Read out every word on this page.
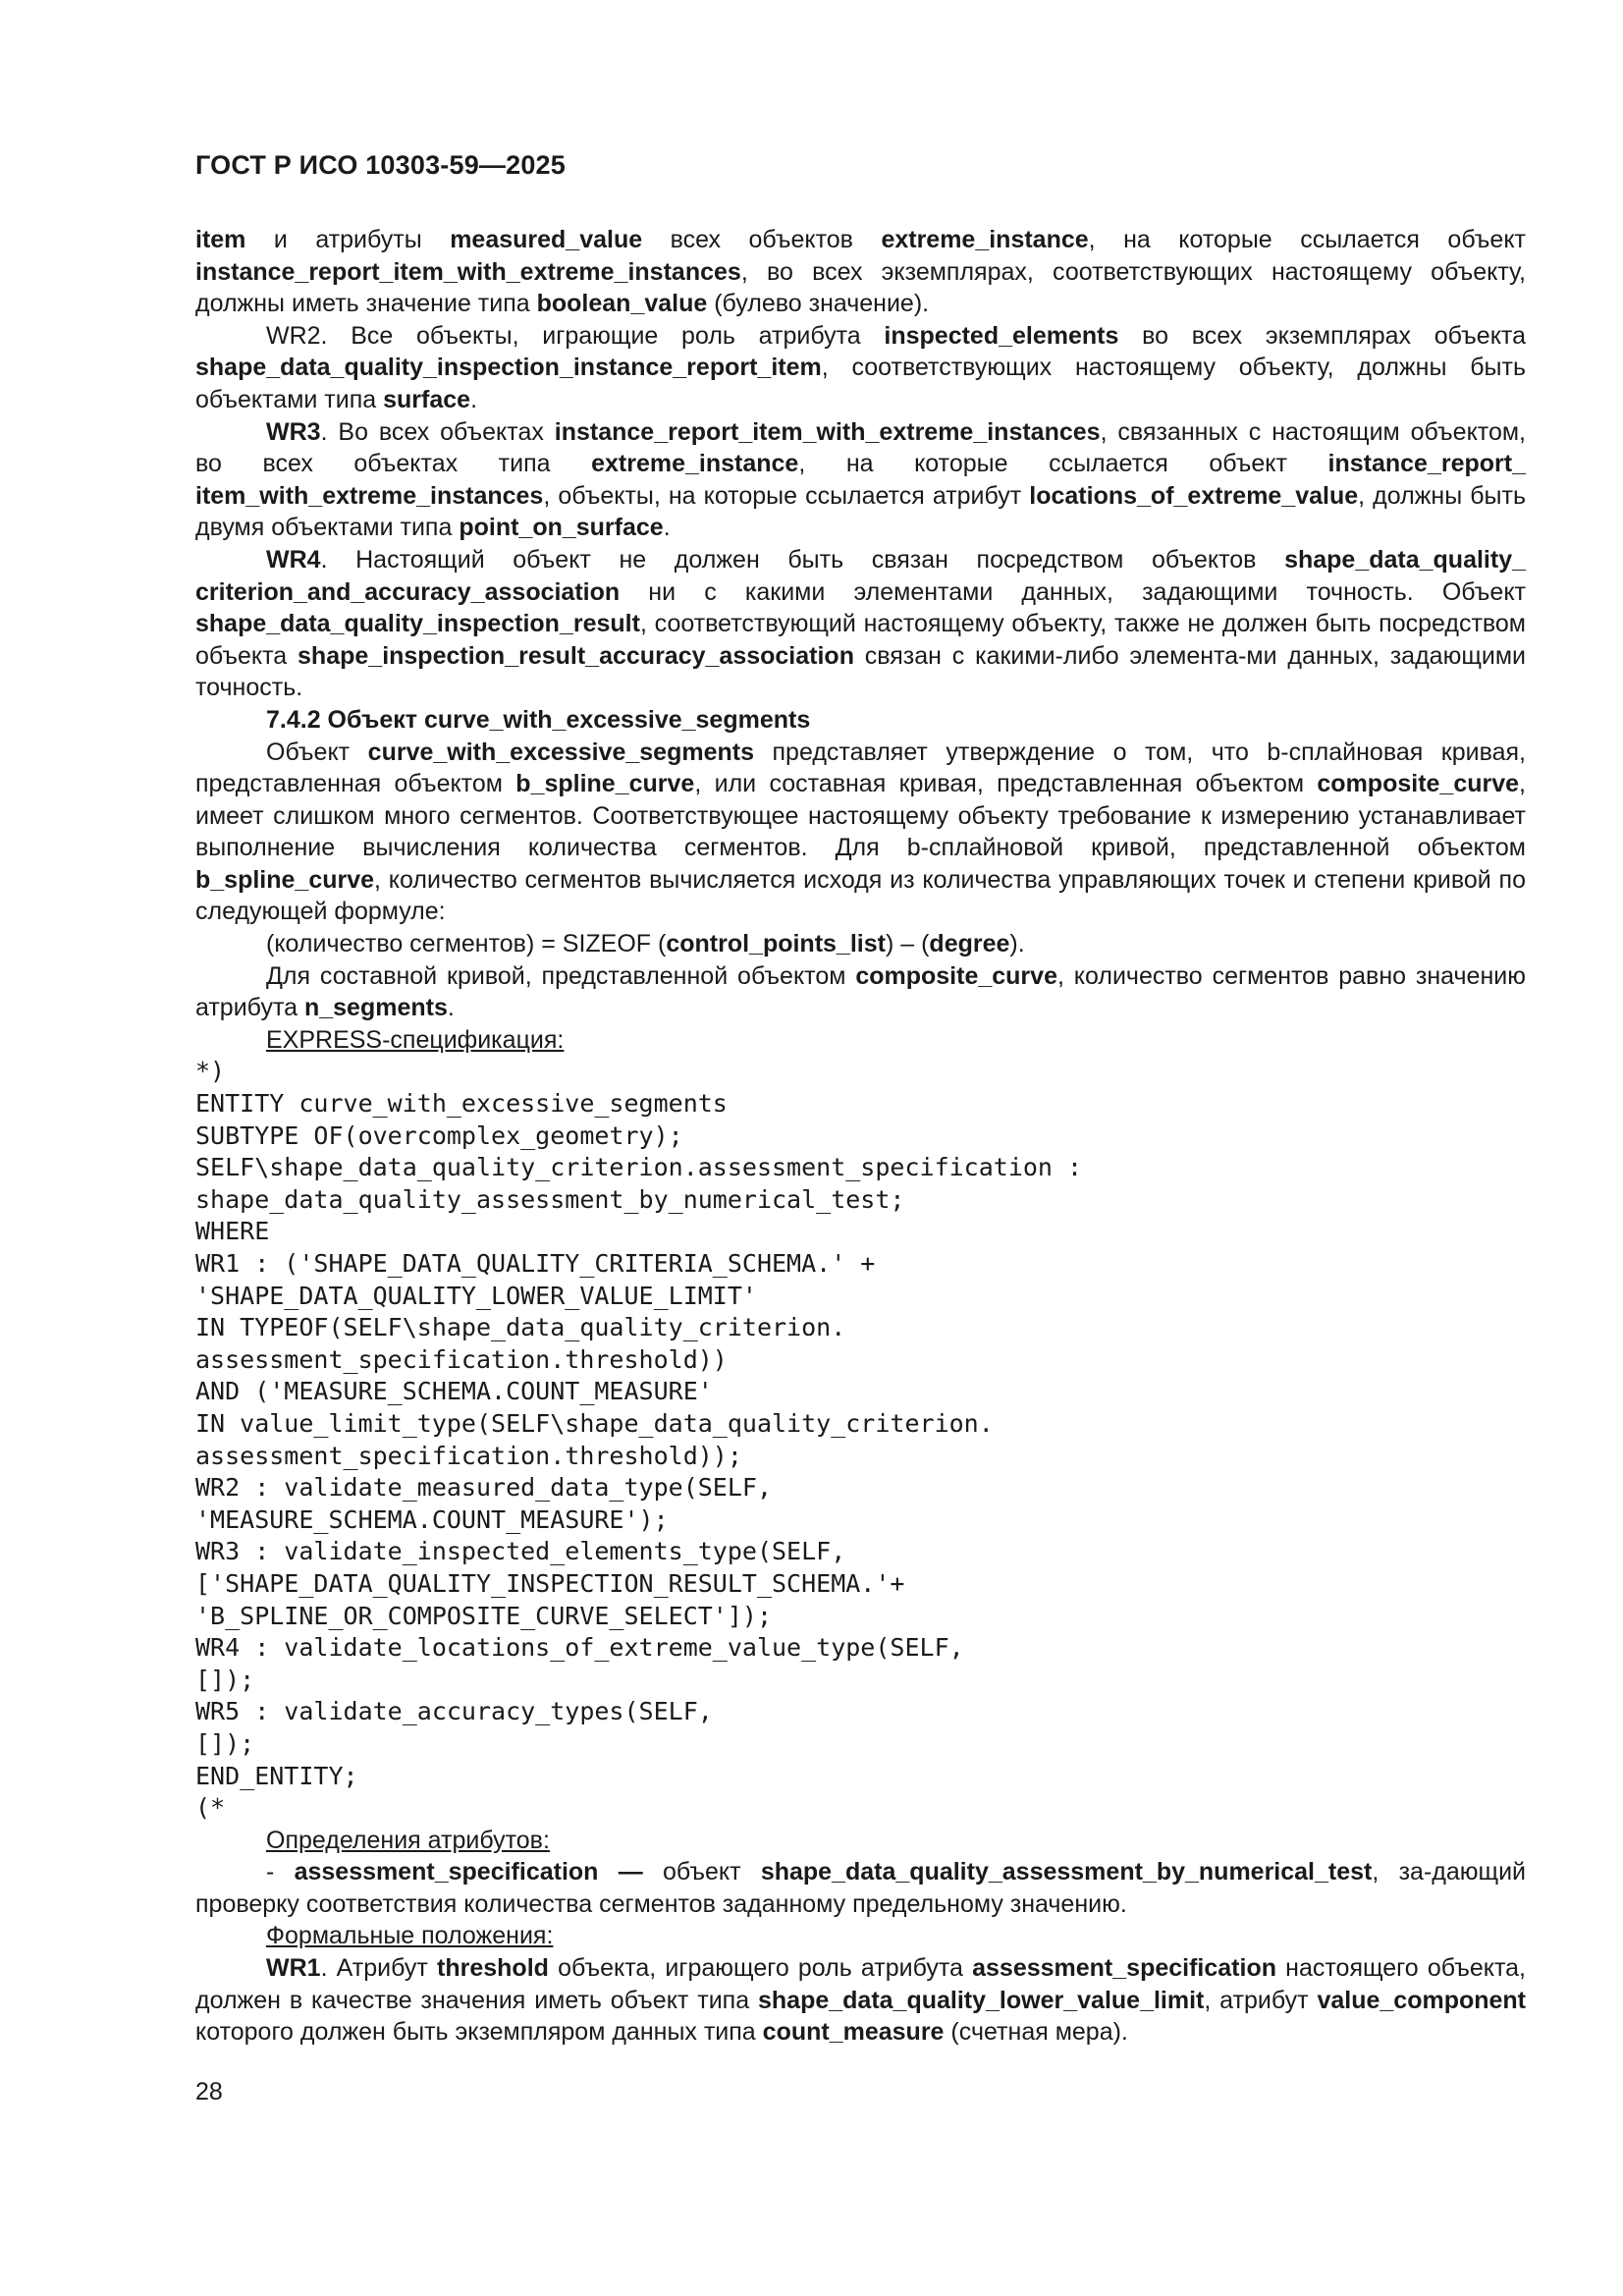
ГОСТ Р ИСО 10303-59—2025

item и атрибуты measured_value всех объектов extreme_instance, на которые ссылается объект instance_report_item_with_extreme_instances, во всех экземплярах, соответствующих настоящему объекту, должны иметь значение типа boolean_value (булево значение).

WR2. Все объекты, играющие роль атрибута inspected_elements во всех экземплярах объекта shape_data_quality_inspection_instance_report_item, соответствующих настоящему объекту, должны быть объектами типа surface.

WR3. Во всех объектах instance_report_item_with_extreme_instances, связанных с настоящим объектом, во всех объектах типа extreme_instance, на которые ссылается объект instance_report_ item_with_extreme_instances, объекты, на которые ссылается атрибут locations_of_extreme_value, должны быть двумя объектами типа point_on_surface.

WR4. Настоящий объект не должен быть связан посредством объектов shape_data_quality_ criterion_and_accuracy_association ни с какими элементами данных, задающими точность. Объект shape_data_quality_inspection_result, соответствующий настоящему объекту, также не должен быть посредством объекта shape_inspection_result_accuracy_association связан с какими-либо элемента-ми данных, задающими точность.

7.4.2 Объект curve_with_excessive_segments

Объект curve_with_excessive_segments представляет утверждение о том, что b-сплайновая кривая, представленная объектом b_spline_curve, или составная кривая, представленная объектом composite_curve, имеет слишком много сегментов. Соответствующее настоящему объекту требование к измерению устанавливает выполнение вычисления количества сегментов. Для b-сплайновой кривой, представленной объектом b_spline_curve, количество сегментов вычисляется исходя из количества управляющих точек и степени кривой по следующей формуле:

(количество сегментов) = SIZEOF (control_points_list) – (degree).

Для составной кривой, представленной объектом composite_curve, количество сегментов равно значению атрибута n_segments.

EXPRESS-спецификация:

*)
ENTITY curve_with_excessive_segments
SUBTYPE OF(overcomplex_geometry);
SELF\shape_data_quality_criterion.assessment_specification :
shape_data_quality_assessment_by_numerical_test;
WHERE
WR1 : ('SHAPE_DATA_QUALITY_CRITERIA_SCHEMA.' +
'SHAPE_DATA_QUALITY_LOWER_VALUE_LIMIT'
IN TYPEOF(SELF\shape_data_quality_criterion.
assessment_specification.threshold))
AND ('MEASURE_SCHEMA.COUNT_MEASURE'
IN value_limit_type(SELF\shape_data_quality_criterion.
assessment_specification.threshold));
WR2 : validate_measured_data_type(SELF,
'MEASURE_SCHEMA.COUNT_MEASURE');
WR3 : validate_inspected_elements_type(SELF,
['SHAPE_DATA_QUALITY_INSPECTION_RESULT_SCHEMA.'+
'B_SPLINE_OR_COMPOSITE_CURVE_SELECT']);
WR4 : validate_locations_of_extreme_value_type(SELF,
[]);
WR5 : validate_accuracy_types(SELF,
[]);
END_ENTITY;
(*

Определения атрибутов:

- assessment_specification — объект shape_data_quality_assessment_by_numerical_test, за-дающий проверку соответствия количества сегментов заданному предельному значению.

Формальные положения:

WR1. Атрибут threshold объекта, играющего роль атрибута assessment_specification настоящего объекта, должен в качестве значения иметь объект типа shape_data_quality_lower_value_limit, атрибут value_component которого должен быть экземпляром данных типа count_measure (счетная мера).

28
